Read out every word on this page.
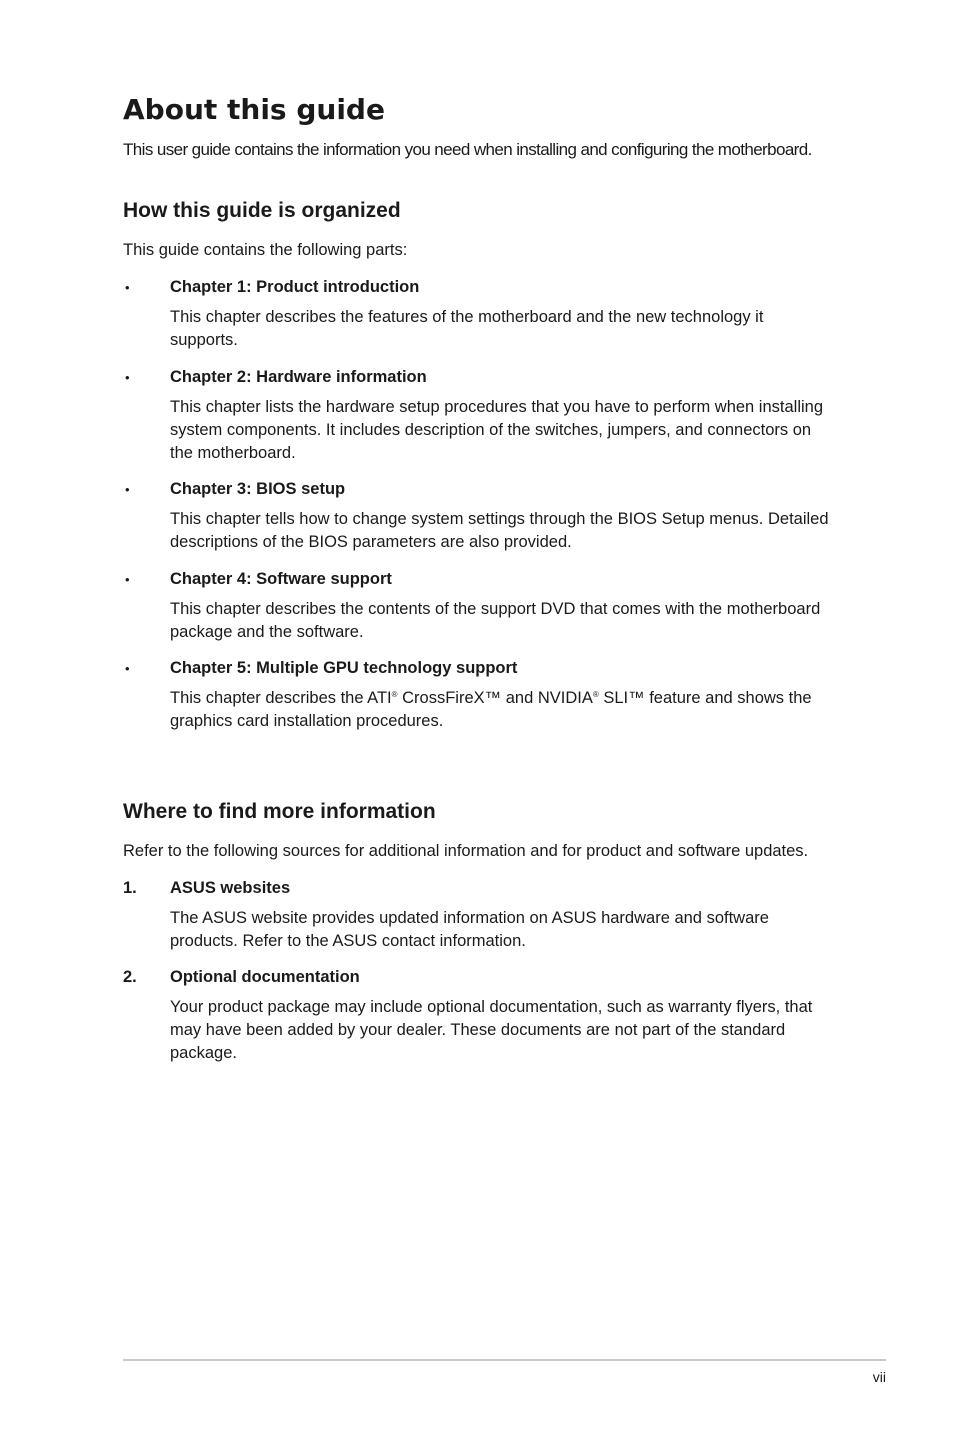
About this guide

This user guide contains the information you need when installing and configuring the motherboard.

How this guide is organized

This guide contains the following parts:

• Chapter 1: Product introduction

This chapter describes the features of the motherboard and the new technology it supports.

• Chapter 2: Hardware information

This chapter lists the hardware setup procedures that you have to perform when installing system components. It includes description of the switches, jumpers, and connectors on the motherboard.

• Chapter 3: BIOS setup

This chapter tells how to change system settings through the BIOS Setup menus. Detailed descriptions of the BIOS parameters are also provided.

• Chapter 4: Software support

This chapter describes the contents of the support DVD that comes with the motherboard package and the software.

• Chapter 5: Multiple GPU technology support

This chapter describes the ATI® CrossFireX™ and NVIDIA® SLI™ feature and shows the graphics card installation procedures.

Where to find more information

Refer to the following sources for additional information and for product and software updates.

1. ASUS websites

The ASUS website provides updated information on ASUS hardware and software products. Refer to the ASUS contact information.

2. Optional documentation

Your product package may include optional documentation, such as warranty flyers, that may have been added by your dealer. These documents are not part of the standard package.

vii
